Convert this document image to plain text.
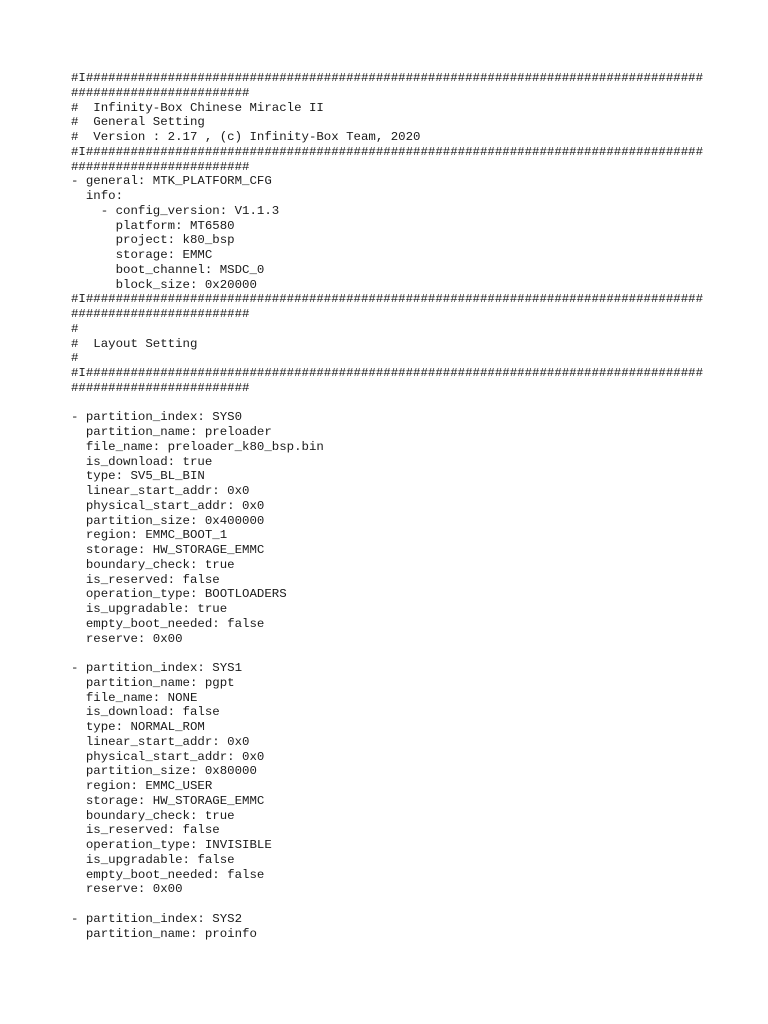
#I###################################################################################
########################
#  Infinity-Box Chinese Miracle II
#  General Setting
#  Version : 2.17 , (c) Infinity-Box Team, 2020
#I###################################################################################
########################
- general: MTK_PLATFORM_CFG
info:
- config_version: V1.1.3
platform: MT6580
project: k80_bsp
storage: EMMC
boot_channel: MSDC_0
block_size: 0x20000
#I###################################################################################
########################
#
#  Layout Setting
#
#I###################################################################################
########################
- partition_index: SYS0
partition_name: preloader
file_name: preloader_k80_bsp.bin
is_download: true
type: SV5_BL_BIN
linear_start_addr: 0x0
physical_start_addr: 0x0
partition_size: 0x400000
region: EMMC_BOOT_1
storage: HW_STORAGE_EMMC
boundary_check: true
is_reserved: false
operation_type: BOOTLOADERS
is_upgradable: true
empty_boot_needed: false
reserve: 0x00
- partition_index: SYS1
partition_name: pgpt
file_name: NONE
is_download: false
type: NORMAL_ROM
linear_start_addr: 0x0
physical_start_addr: 0x0
partition_size: 0x80000
region: EMMC_USER
storage: HW_STORAGE_EMMC
boundary_check: true
is_reserved: false
operation_type: INVISIBLE
is_upgradable: false
empty_boot_needed: false
reserve: 0x00
- partition_index: SYS2
partition_name: proinfo
